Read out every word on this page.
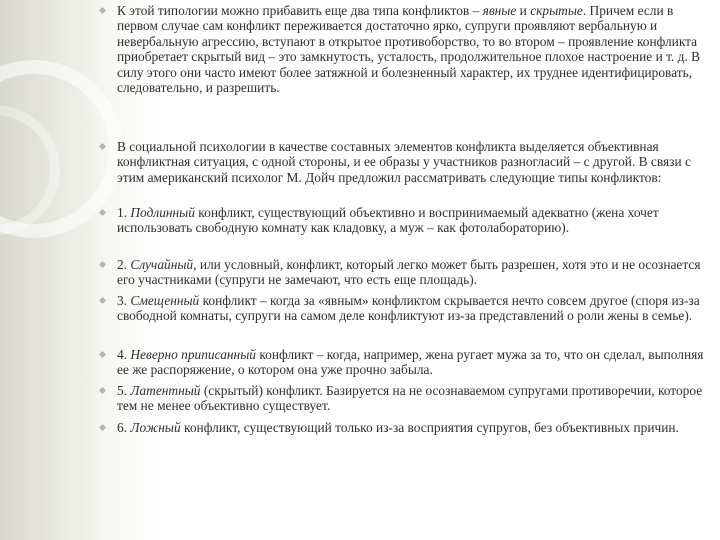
К этой типологии можно прибавить еще два типа конфликтов – явные и скрытые. Причем если в первом случае сам конфликт переживается достаточно ярко, супруги проявляют вербальную и невербальную агрессию, вступают в открытое противоборство, то во втором – проявление конфликта приобретает скрытый вид – это замкнутость, усталость, продолжительное плохое настроение и т. д. В силу этого они часто имеют более затяжной и болезненный характер, их труднее идентифицировать, следовательно, и разрешить.
В социальной психологии в качестве составных элементов конфликта выделяется объективная конфликтная ситуация, с одной стороны, и ее образы у участников разногласий – с другой. В связи с этим американский психолог М. Дойч предложил рассматривать следующие типы конфликтов:
1. Подлинный конфликт, существующий объективно и воспринимаемый адекватно (жена хочет использовать свободную комнату как кладовку, а муж – как фотолабораторию).
2. Случайный, или условный, конфликт, который легко может быть разрешен, хотя это и не осознается его участниками (супруги не замечают, что есть еще площадь).
3. Смещенный конфликт – когда за «явным» конфликтом скрывается нечто совсем другое (споря из-за свободной комнаты, супруги на самом деле конфликтуют из-за представлений о роли жены в семье).
4. Неверно приписанный конфликт – когда, например, жена ругает мужа за то, что он сделал, выполняя ее же распоряжение, о котором она уже прочно забыла.
5. Латентный (скрытый) конфликт. Базируется на не осознаваемом супругами противоречии, которое тем не менее объективно существует.
6. Ложный конфликт, существующий только из-за восприятия супругов, без объективных причин.
